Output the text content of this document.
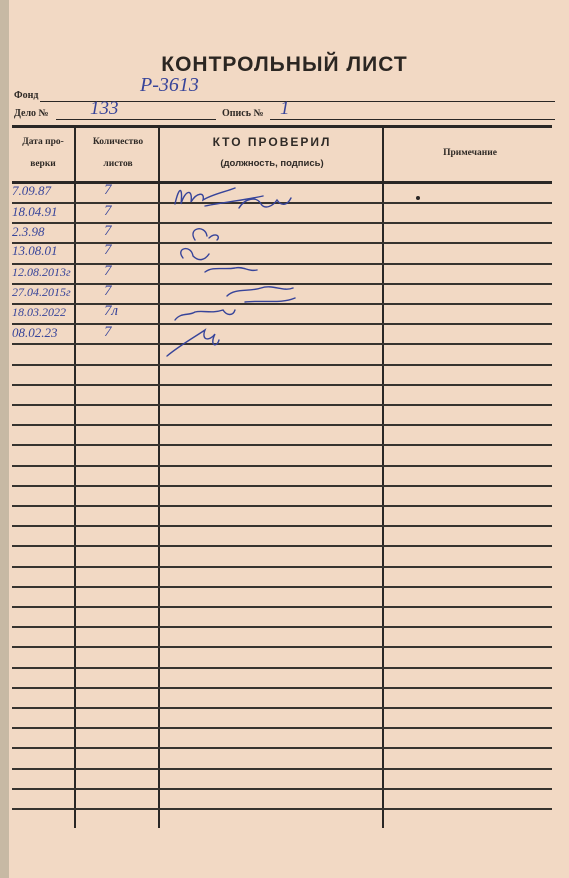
КОНТРОЛЬНЫЙ ЛИСТ
Фонд	Р-3613
Дело № 133	Опись № 1
Дата про-
верки
Количество
листов
КТО ПРОВЕРИЛ
(должность, подпись)
Примечание
7.09.87	7
18.04.91	7
2.3.98	7
13.08.01	7
12.08.2013г	7
27.04.2015г	7
18.03.2022	7л
08.02.23	7
